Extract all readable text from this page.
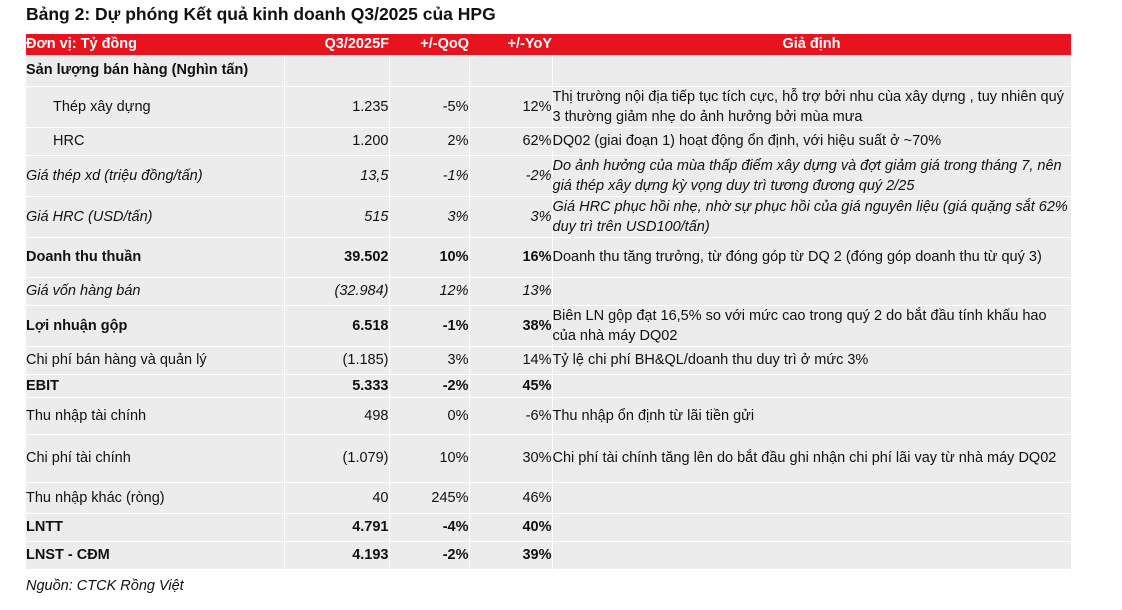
Bảng 2: Dự phóng Kết quả kinh doanh Q3/2025 của HPG
Đơn vị: Tỷ đồng	Q3/2025F	+/-QoQ	+/-YoY	Giả định
Sản lượng bán hàng (Nghìn tấn)				
Thép xây dựng	1.235	-5%	12%	Thị trường nội địa tiếp tục tích cực, hỗ trợ bởi nhu cùa xây dựng , tuy nhiên quý 3 thường giảm nhẹ do ảnh hưởng bởi mùa mưa
HRC	1.200	2%	62%	DQ02 (giai đoạn 1) hoạt động ổn định, với hiệu suất ở ~70%
Giá thép xd (triệu đồng/tấn)	13,5	-1%	-2%	Do ảnh hưởng của mùa thấp điểm xây dựng và đợt giảm giá trong tháng 7, nên giá thép xây dựng kỳ vọng duy trì tương đương quý 2/25
Giá HRC (USD/tấn)	515	3%	3%	Giá HRC phục hồi nhẹ, nhờ sự phục hồi của giá nguyên liệu (giá quặng sắt 62% duy trì trên USD100/tấn)
Doanh thu thuần	39.502	10%	16%	Doanh thu tăng trưởng, từ đóng góp từ DQ 2 (đóng góp doanh thu từ quý 3)
Giá vốn hàng bán	(32.984)	12%	13%	
Lợi nhuận gộp	6.518	-1%	38%	Biên LN gộp đạt 16,5% so với mức cao trong quý 2 do bắt đầu tính khấu hao của nhà máy DQ02
Chi phí bán hàng và quản lý	(1.185)	3%	14%	Tỷ lệ chi phí BH&QL/doanh thu duy trì ở mức 3%
EBIT	5.333	-2%	45%	
Thu nhập tài chính	498	0%	-6%	Thu nhập ổn định từ lãi tiền gửi
Chi phí tài chính	(1.079)	10%	30%	Chi phí tài chính tăng lên do bắt đầu ghi nhận chi phí lãi vay từ nhà máy DQ02
Thu nhập khác (ròng)	40	245%	46%	
LNTT	4.791	-4%	40%	
LNST - CĐM	4.193	-2%	39%	
Nguồn: CTCK Rồng Việt
